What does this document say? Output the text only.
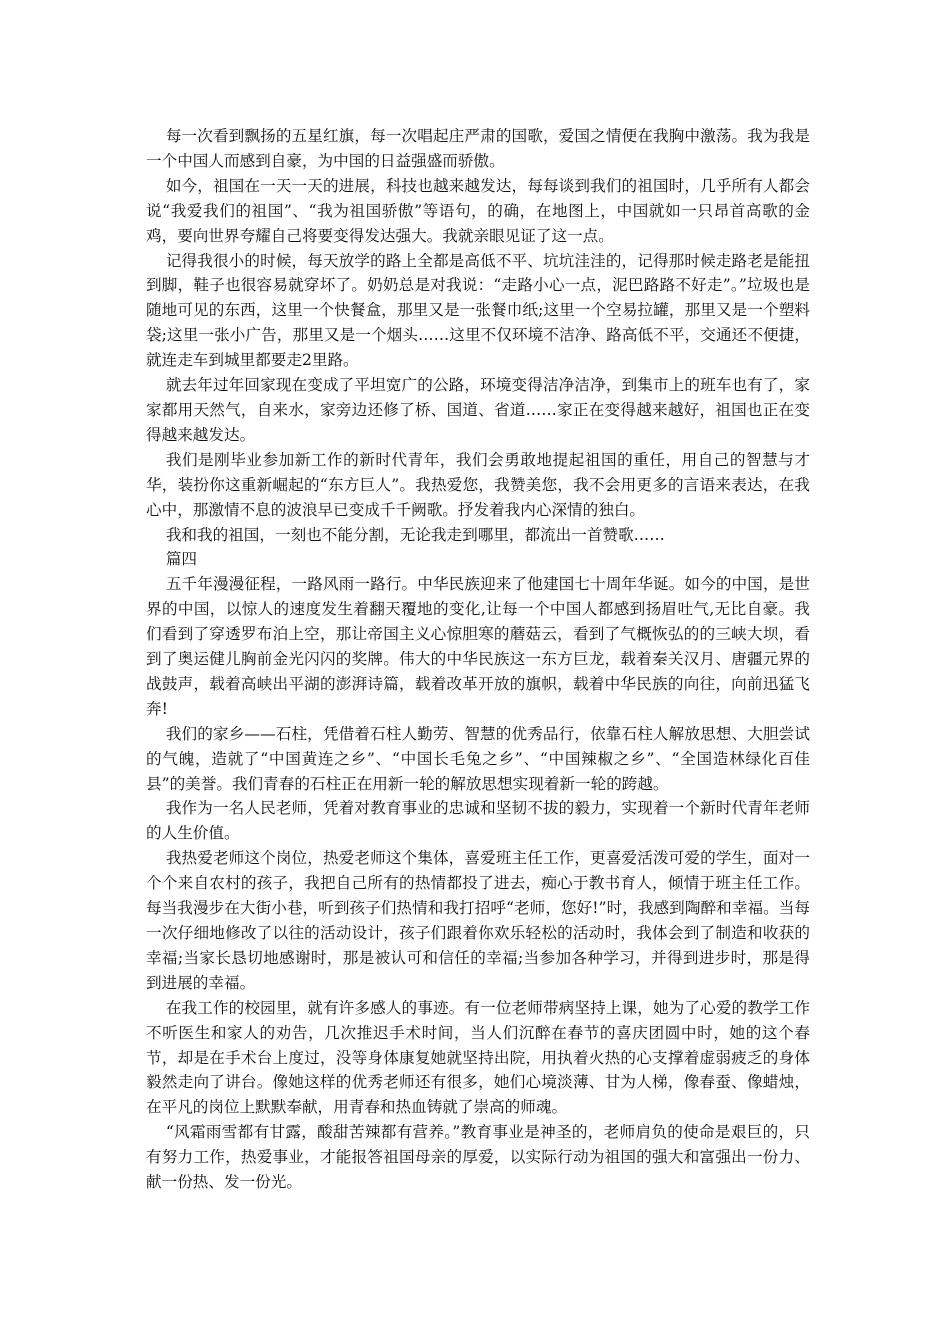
每一次看到飘扬的五星红旗，每一次唱起庄严肃的国歌，爱国之情便在我胸中激荡。我为我是一个中国人而感到自豪，为中国的日益强盛而骄傲。

如今，祖国在一天一天的进展，科技也越来越发达，每每谈到我们的祖国时，几乎所有人都会说“我爱我们的祖国”、“我为祖国骄傲”等语句，的确，在地图上，中国就如一只昂首高歌的金鸡，要向世界夸耀自己将要变得发达强大。我就亲眼见证了这一点。

记得我很小的时候，每天放学的路上全都是高低不平、坑坑洼洼的，记得那时候走路老是能扭到脚，鞋子也很容易就穿坏了。奶奶总是对我说：“走路小心一点，泥巴路路不好走”。”垃圾也是随地可见的东西，这里一个快餐盒，那里又是一张餐巾纸;这里一个空易拉罐，那里又是一个塑料袋;这里一张小广告，那里又是一个烟头……这里不仅环境不洁净、路高低不平，交通还不便捷，就连走车到城里都要走2里路。

就去年过年回家现在变成了平坦宽广的公路，环境变得洁净洁净，到集市上的班车也有了，家家都用天然气，自来水，家旁边还修了桥、国道、省道……家正在变得越来越好，祖国也正在变得越来越发达。

我们是刚毕业参加新工作的新时代青年，我们会勇敢地提起祖国的重任，用自己的智慧与才华，装扮你这重新崛起的“东方巨人”。我热爱您，我赞美您，我不会用更多的言语来表达，在我心中，那激情不息的波浪早已变成千千阙歌。抒发着我内心深情的独白。

我和我的祖国，一刻也不能分割，无论我走到哪里，都流出一首赞歌……

篇四

五千年漫漫征程，一路风雨一路行。中华民族迎来了他建国七十周年华诞。如今的中国，是世界的中国，以惊人的速度发生着翻天覆地的变化,让每一个中国人都感到扬眉吐气,无比自豪。我们看到了穿透罗布泊上空，那让帝国主义心惊胆寒的蘑菇云，看到了气概恢弘的的三峡大坝，看到了奥运健儿胸前金光闪闪的奖牌。伟大的中华民族这一东方巨龙，载着秦关汉月、唐疆元界的战鼓声，载着高峡出平湖的澎湃诗篇，载着改革开放的旗帜，载着中华民族的向往，向前迅猛飞奔!

我们的家乡——石柱，凭借着石柱人勤劳、智慧的优秀品行，依靠石柱人解放思想、大胆尝试的气魄，造就了“中国黄连之乡”、“中国长毛兔之乡”、“中国辣椒之乡”、“全国造林绿化百佳县”的美誉。我们青春的石柱正在用新一轮的解放思想实现着新一轮的跨越。

我作为一名人民老师，凭着对教育事业的忠诚和坚韧不拔的毅力，实现着一个新时代青年老师的人生价值。

我热爱老师这个岗位，热爱老师这个集体，喜爱班主任工作，更喜爱活泼可爱的学生，面对一个个来自农村的孩子，我把自己所有的热情都投了进去，痴心于教书育人，倾情于班主任工作。每当我漫步在大街小巷，听到孩子们热情和我打招呼“老师，您好!”时，我感到陶醉和幸福。当每一次仔细地修改了以往的活动设计，孩子们跟着你欢乐轻松的活动时，我体会到了制造和收获的幸福;当家长恳切地感谢时，那是被认可和信任的幸福;当参加各种学习，并得到进步时，那是得到进展的幸福。

在我工作的校园里，就有许多感人的事迹。有一位老师带病坚持上课，她为了心爱的教学工作不听医生和家人的劝告，几次推迟手术时间，当人们沉醉在春节的喜庆团圆中时，她的这个春节，却是在手术台上度过，没等身体康复她就坚持出院，用执着火热的心支撑着虚弱疲乏的身体毅然走向了讲台。像她这样的优秀老师还有很多，她们心境淡薄、甘为人梯，像春蚕、像蜡烛，在平凡的岗位上默默奉献，用青春和热血铸就了崇高的师魂。

“风霜雨雪都有甘露，酸甜苦辣都有营养。”教育事业是神圣的，老师肩负的使命是艰巨的，只有努力工作，热爱事业，才能报答祖国母亲的厚爱，以实际行动为祖国的强大和富强出一份力、献一份热、发一份光。
